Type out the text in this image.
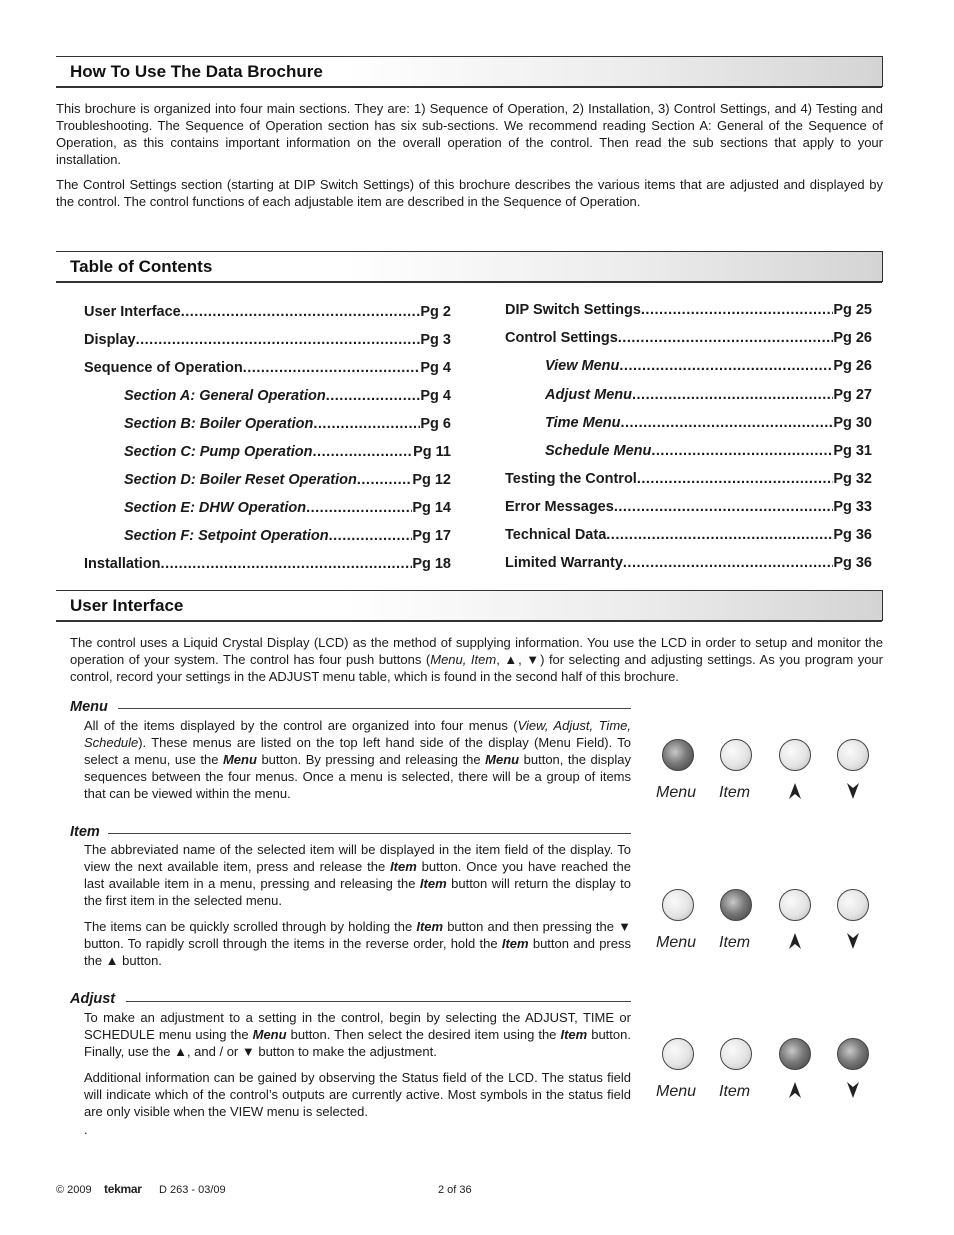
How To Use The Data Brochure

This brochure is organized into four main sections. They are: 1) Sequence of Operation, 2) Installation, 3) Control Settings, and 4) Testing and Troubleshooting. The Sequence of Operation section has six sub-sections. We recommend reading Section A: General of the Sequence of Operation, as this contains important information on the overall operation of the control. Then read the sub sections that apply to your installation.

The Control Settings section (starting at DIP Switch Settings) of this brochure describes the various items that are adjusted and displayed by the control. The control functions of each adjustable item are described in the Sequence of Operation.

Table of Contents
User Interface .....	Pg 2
Display .....	Pg 3
Sequence of Operation .....	Pg 4
Section A: General Operation .....	Pg 4
Section B: Boiler Operation .....	Pg 6
Section C: Pump Operation .....	Pg 11
Section D: Boiler Reset Operation .....	Pg 12
Section E: DHW Operation .....	Pg 14
Section F: Setpoint Operation .....	Pg 17
Installation .....	Pg 18
DIP Switch Settings .....	Pg 25
Control Settings .....	Pg 26
View Menu .....	Pg 26
Adjust Menu .....	Pg 27
Time Menu .....	Pg 30
Schedule Menu .....	Pg 31
Testing the Control .....	Pg 32
Error Messages .....	Pg 33
Technical Data .....	Pg 36
Limited Warranty .....	Pg 36
User Interface

The control uses a Liquid Crystal Display (LCD) as the method of supplying information. You use the LCD in order to setup and monitor the operation of your system. The control has four push buttons (Menu, Item, ▲, ▼) for selecting and adjusting settings. As you program your control, record your settings in the ADJUST menu table, which is found in the second half of this brochure.

Menu

All of the items displayed by the control are organized into four menus (View, Adjust, Time, Schedule). These menus are listed on the top left hand side of the display (Menu Field). To select a menu, use the Menu button. By pressing and releasing the Menu button, the display sequences between the four menus. Once a menu is selected, there will be a group of items that can be viewed within the menu.

Item

The abbreviated name of the selected item will be displayed in the item field of the display. To view the next available item, press and release the Item button. Once you have reached the last available item in a menu, pressing and releasing the Item button will return the display to the first item in the selected menu.

The items can be quickly scrolled through by holding the Item button and then pressing the ▼ button. To rapidly scroll through the items in the reverse order, hold the Item button and press the ▲ button.

Adjust

To make an adjustment to a setting in the control, begin by selecting the ADJUST, TIME or SCHEDULE menu using the Menu button. Then select the desired item using the Item button. Finally, use the ▲, and / or ▼ button to make the adjustment.

Additional information can be gained by observing the Status field of the LCD. The status field will indicate which of the control’s outputs are currently active. Most symbols in the status field are only visible when the VIEW menu is selected.

.
Menu Item
Menu Item
Menu Item
© 2009 tekmar D 263 - 03/09	2 of 36
